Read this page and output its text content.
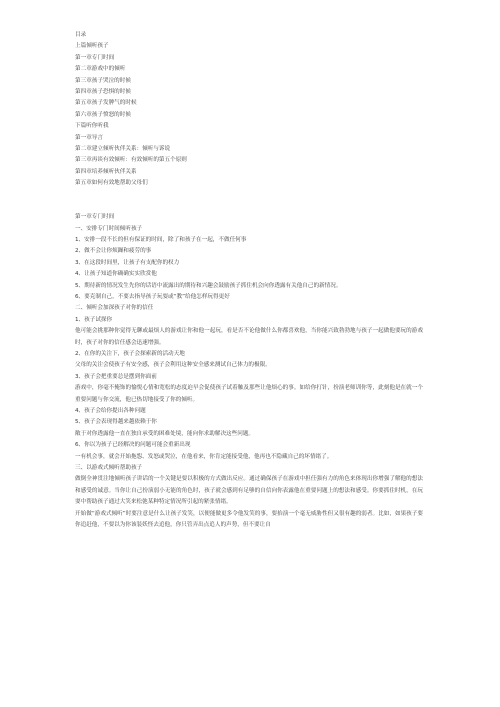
目录
上篇倾听孩子
第一章专门时间
第二章游戏中的倾听
第三章孩子哭泣的时候
第四章孩子恐惧的时候
第五章孩子发脾气的时候
第六章孩子愤怒的时候
下篇听你听我
第一章导言
第二章建立倾听伙伴关系：倾听与诉说
第三章再谈有效倾听：有效倾听的第五个原则
第四章培养倾听伙伴关系
第五章如何有效地帮助父母们
第一章专门时间
一、安排专门时间倾听孩子
1、安排一段不长的但有保证的时间，除了和孩子在一起，不做任何事
2、做不会让你烦躁和疲劳的事
3、在这段时间里，让孩子有支配你的权力
4、让孩子知道你确确实实欣赏他
5、期待新的情况发生先你的话语中流露出的期待和兴趣会鼓励孩子抓住机会向你透露有关他自己的新情况。
6、要克制自己，不要去指导孩子玩耍或“教”给他怎样玩得更好
二、倾听会加深孩子对你的信任
1、孩子试探你
他可能会挑那种你觉得无聊或最烦人的游戏让你和他一起玩，看是否不论他做什么你都喜欢他，当你能兴致勃勃地与孩子一起做他要玩的游戏时，孩子对你的信任感会迅速增强。
2、在你的关注下，孩子会探索新的活动天地
父母的关注会使孩子有安全感，孩子会利用这种安全感来测试自己体力的极限。
3、孩子会把重要总是摆到你面前
游戏中，你毫不掩饰的愉悦心情和宽松的态度迫早会促使孩子试着触及那些让他烦心的事。如给你打针，扮演老师训你等，此刻他是在就一个重要问题与你交流，他已热切地接受了你的倾听。
4、孩子会给你提出各种问题
5、孩子会表现得越来越依赖于你
敞于对你透露他一直在独自承受的困难处境，能向你求助解决这些问题。
6、你以为孩子已经解决的问题可能会重新出现
一有机会事，就会开始拖怨、发怒或哭泣，在他看来，你肯定能接受他，他再也不隐藏自己的坏情绪了。
三、以游戏式倾听帮助孩子
做倒全神贯注地倾听孩子讲话的一个关键是要以积极的方式做出反应。通过确保孩子在游戏中担任强有力的角色来体现出你增强了解他的想法和感受的诚意。当你让自己扮演弱小无能的角色时，孩子就会感到有足够的自信向你表露他在重要问题上的想法和感受。你要抓住时机，在玩耍中帮助孩子通过大笑来松弛某种特定情况所引起的紧张情绪。
开始做“游戏式倾听”时要注意是什么让孩子发笑，以便能做更多令他发笑的事，要抬演一个毫无威胁性但又很有趣的弱者。比如，如果孩子要你追赶他，不要以为你该装妖怪去追他，你只管弄出点追人的声势，但不要让自
